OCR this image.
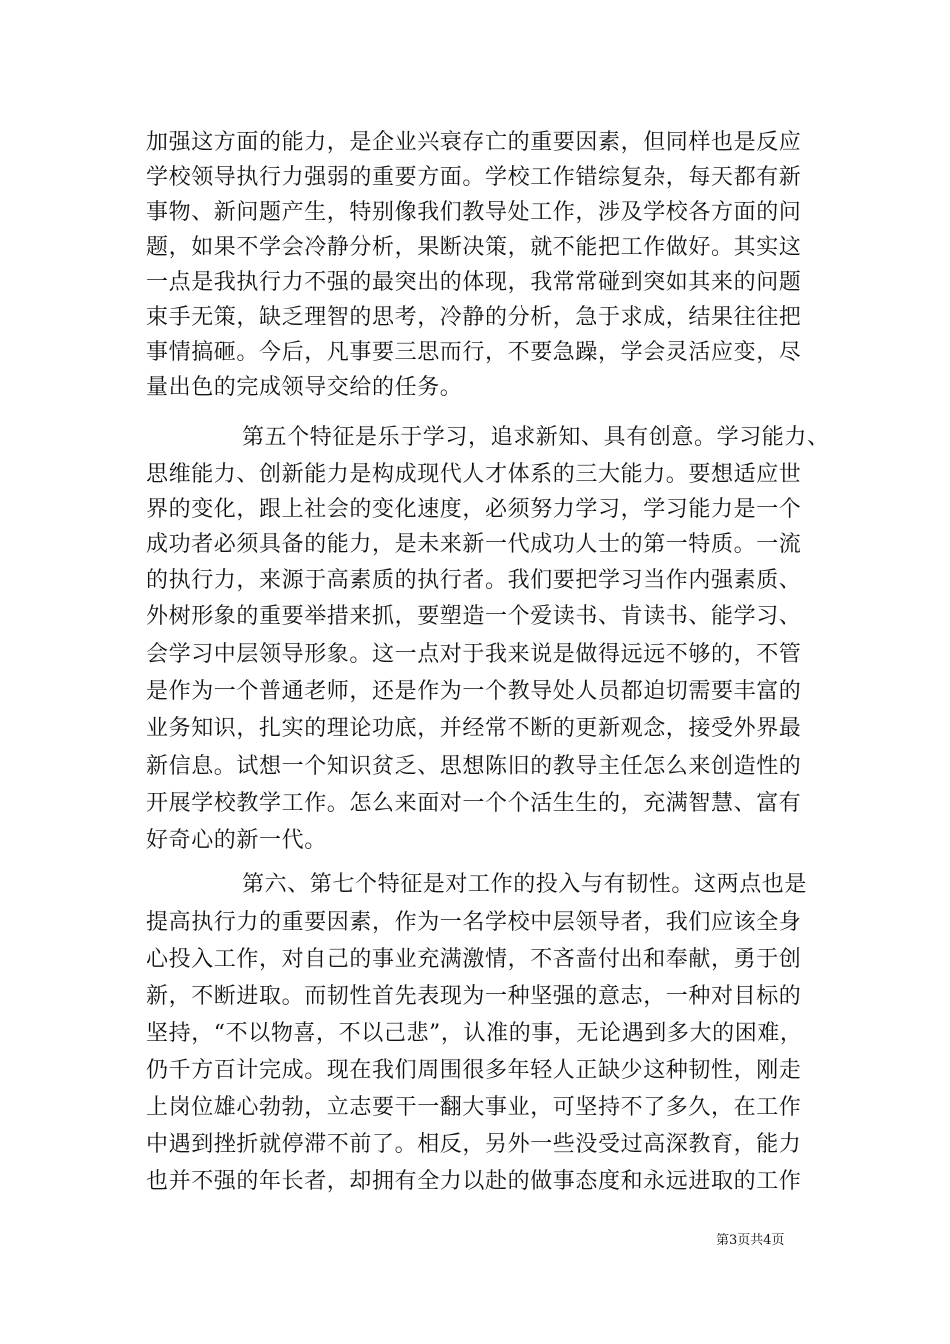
加强这方面的能力，是企业兴衰存亡的重要因素，但同样也是反应
学校领导执行力强弱的重要方面。学校工作错综复杂，每天都有新
事物、新问题产生，特别像我们教导处工作，涉及学校各方面的问
题，如果不学会冷静分析，果断决策，就不能把工作做好。其实这
一点是我执行力不强的最突出的体现，我常常碰到突如其来的问题
束手无策，缺乏理智的思考，冷静的分析，急于求成，结果往往把
事情搞砸。今后，凡事要三思而行，不要急躁，学会灵活应变，尽
量出色的完成领导交给的任务。
第五个特征是乐于学习，追求新知、具有创意。学习能力、
思维能力、创新能力是构成现代人才体系的三大能力。要想适应世
界的变化，跟上社会的变化速度，必须努力学习，学习能力是一个
成功者必须具备的能力，是未来新一代成功人士的第一特质。一流
的执行力，来源于高素质的执行者。我们要把学习当作内强素质、
外树形象的重要举措来抓，要塑造一个爱读书、肯读书、能学习、
会学习中层领导形象。这一点对于我来说是做得远远不够的，不管
是作为一个普通老师，还是作为一个教导处人员都迫切需要丰富的
业务知识，扎实的理论功底，并经常不断的更新观念，接受外界最
新信息。试想一个知识贫乏、思想陈旧的教导主任怎么来创造性的
开展学校教学工作。怎么来面对一个个活生生的，充满智慧、富有
好奇心的新一代。
第六、第七个特征是对工作的投入与有韧性。这两点也是
提高执行力的重要因素，作为一名学校中层领导者，我们应该全身
心投入工作，对自己的事业充满激情，不吝啬付出和奉献，勇于创
新，不断进取。而韧性首先表现为一种坚强的意志，一种对目标的
坚持，“不以物喜，不以己悲”，认准的事，无论遇到多大的困难，
仍千方百计完成。现在我们周围很多年轻人正缺少这种韧性，刚走
上岗位雄心勃勃，立志要干一翻大事业，可坚持不了多久，在工作
中遇到挫折就停滞不前了。相反，另外一些没受过高深教育，能力
也并不强的年长者，却拥有全力以赴的做事态度和永远进取的工作
第3页共4页
